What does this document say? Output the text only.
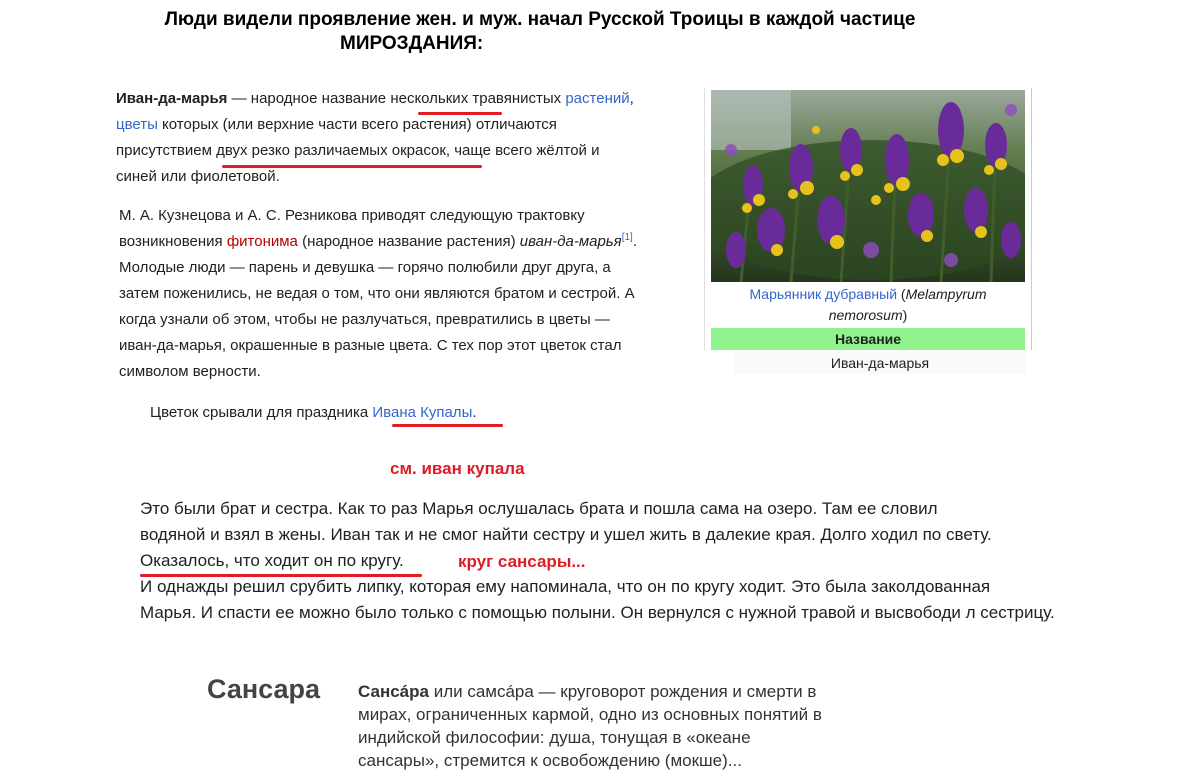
Люди видели проявление жен. и муж. начал Русской Троицы в каждой частице
МИРОЗДАНИЯ:
Иван-да-марья — народное название нескольких травянистых растений,
цветы которых (или верхние части всего растения) отличаются
присутствием двух резко различаемых окрасок, чаще всего жёлтой и
синей или фиолетовой.
М. А. Кузнецова и А. С. Резникова приводят следующую трактовку
возникновения фитонима (народное название растения) иван-да-марья[1].
Молодые люди — парень и девушка — горячо полюбили друг друга, а
затем поженились, не ведая о том, что они являются братом и сестрой. А
когда узнали об этом, чтобы не разлучаться, превратились в цветы —
иван-да-марья, окрашенные в разные цвета. С тех пор этот цветок стал
символом верности.
Цветок срывали для праздника Ивана Купалы.
см. иван купала
Это были брат и сестра. Как то раз Марья ослушалась брата и пошла сама на озеро. Там ее словил
водяной и взял в жены. Иван так и не смог найти сестру и ушел жить в далекие края. Долго ходил по свету.
Оказалось, что ходит он по кругу.
И однажды решил срубить липку, которая ему напоминала, что он по кругу ходит. Это была заколдованная
Марья. И спасти ее можно было только с помощью полыни. Он вернулся с нужной травой и высвободи л сестрицу.
круг сансары...
Марьянник дубравный (Melampyrum nemorosum)
Название
Иван-да-марья
Сансара Сансáра или самсáра — круговорот рождения и смерти в
мирах, ограниченных кармой, одно из основных понятий в
индийской философии: душа, тонущая в «океане
сансары», стремится к освобождению (мокше)...
